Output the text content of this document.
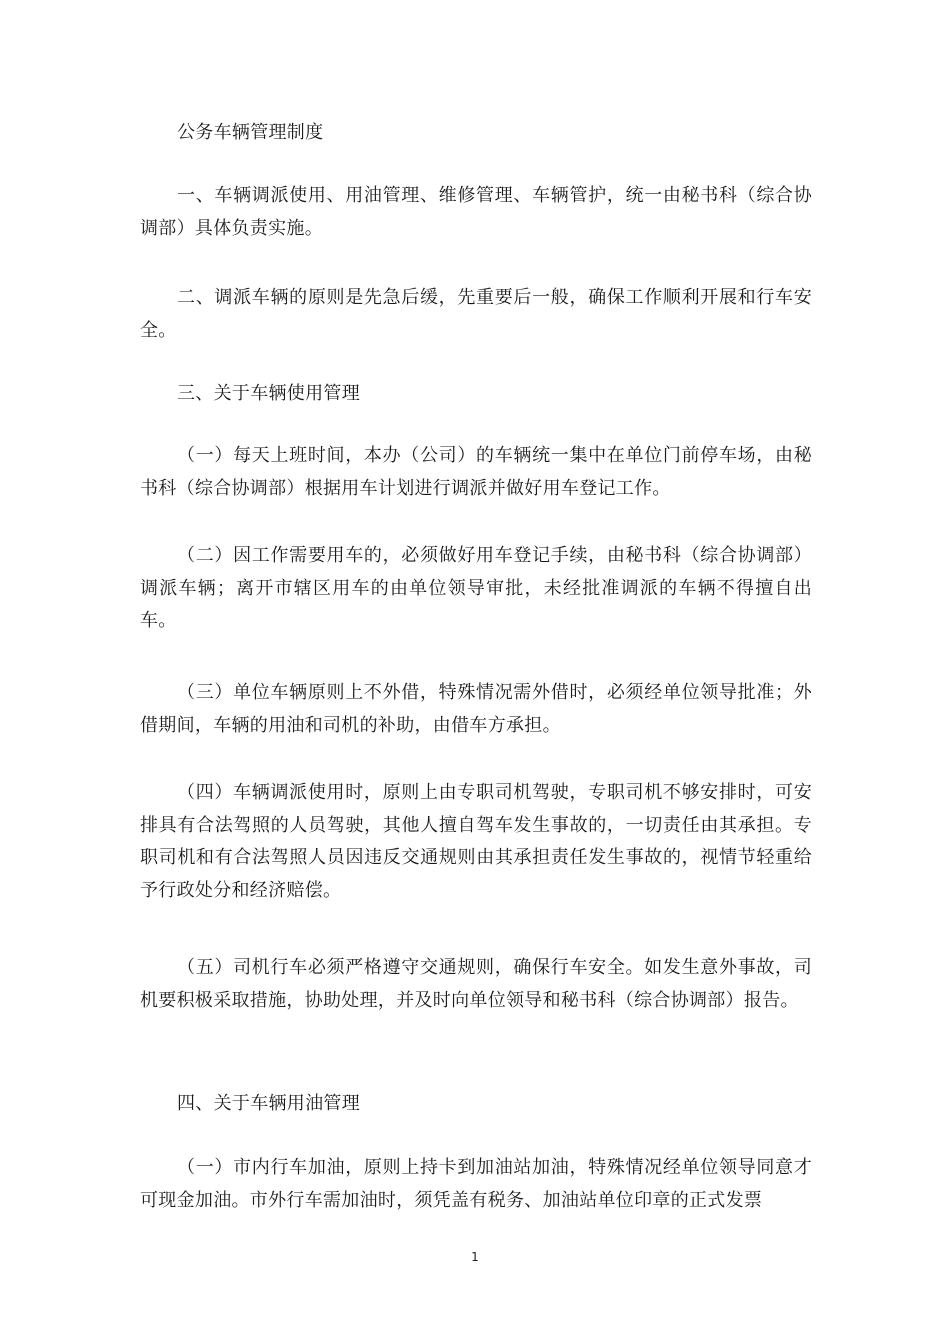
公务车辆管理制度

一、车辆调派使用、用油管理、维修管理、车辆管护，统一由秘书科（综合协调部）具体负责实施。

二、调派车辆的原则是先急后缓，先重要后一般，确保工作顺利开展和行车安全。

三、关于车辆使用管理

（一）每天上班时间，本办（公司）的车辆统一集中在单位门前停车场，由秘书科（综合协调部）根据用车计划进行调派并做好用车登记工作。

（二）因工作需要用车的，必须做好用车登记手续，由秘书科（综合协调部）调派车辆；离开市辖区用车的由单位领导审批，未经批准调派的车辆不得擅自出车。

（三）单位车辆原则上不外借，特殊情况需外借时，必须经单位领导批准；外借期间，车辆的用油和司机的补助，由借车方承担。

（四）车辆调派使用时，原则上由专职司机驾驶，专职司机不够安排时，可安排具有合法驾照的人员驾驶，其他人擅自驾车发生事故的，一切责任由其承担。专职司机和有合法驾照人员因违反交通规则由其承担责任发生事故的，视情节轻重给予行政处分和经济赔偿。

（五）司机行车必须严格遵守交通规则，确保行车安全。如发生意外事故，司机要积极采取措施，协助处理，并及时向单位领导和秘书科（综合协调部）报告。

四、关于车辆用油管理

（一）市内行车加油，原则上持卡到加油站加油，特殊情况经单位领导同意才可现金加油。市外行车需加油时，须凭盖有税务、加油站单位印章的正式发票

1
